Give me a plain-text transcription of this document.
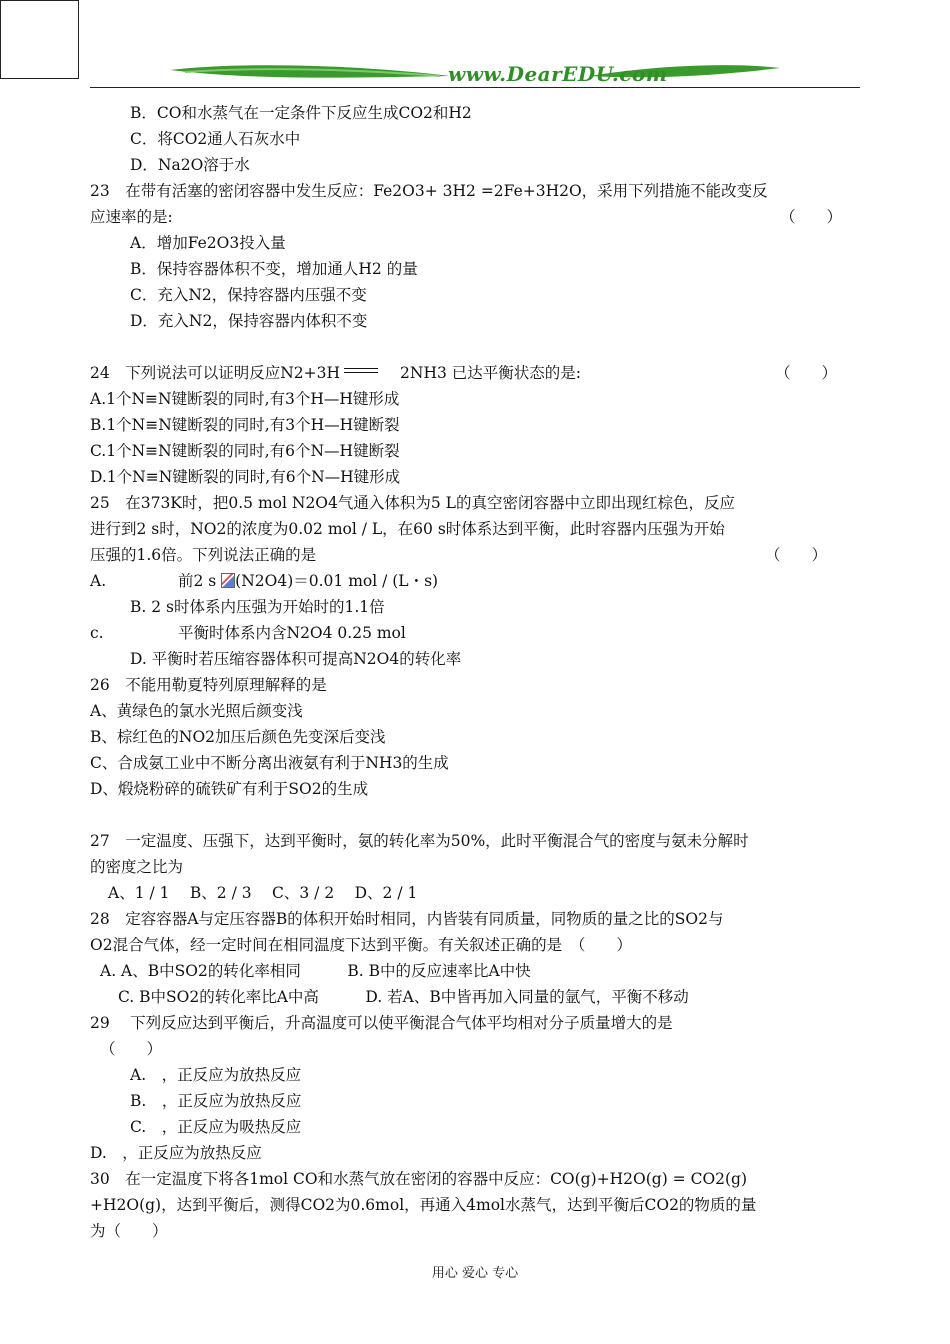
www.DearEDU.com

B．CO和水蒸气在一定条件下反应生成CO2和H2

C．将CO2通人石灰水中

D．Na2O溶于水

23　在带有活塞的密闭容器中发生反应：Fe2O3+ 3H2 =2Fe+3H2O，采用下列措施不能改变反

应速率的是:	（　　）

A．增加Fe2O3投入量

B．保持容器体积不变，增加通人H2 的量

C．充入N2，保持容器内压强不变

D．充入N2，保持容器内体积不变

24　下列说法可以证明反应N2+3H	2NH3 已达平衡状态的是:	（　　）

A.1个N≡N键断裂的同时,有3个H—H键形成

B.1个N≡N键断裂的同时,有3个H—H键断裂

C.1个N≡N键断裂的同时,有6个N—H键断裂

D.1个N≡N键断裂的同时,有6个N—H键形成

25　在373K时，把0.5 mol N2O4气通入体积为5 L的真空密闭容器中立即出现红棕色，反应

进行到2 s时，NO2的浓度为0.02 mol / L，在60 s时体系达到平衡，此时容器内压强为开始

压强的1.6倍。下列说法正确的是	（　　）

A.	前2 s (N2O4)＝0.01 mol / (L・s)

B. 2 s时体系内压强为开始时的1.1倍

c.	平衡时体系内含N2O4 0.25 mol

D. 平衡时若压缩容器体积可提高N2O4的转化率

26　不能用勒夏特列原理解释的是

A、黄绿色的氯水光照后颜变浅

B、棕红色的NO2加压后颜色先变深后变浅

C、合成氨工业中不断分离出液氨有利于NH3的生成

D、煅烧粉碎的硫铁矿有利于SO2的生成

27　一定温度、压强下，达到平衡时，氨的转化率为50%，此时平衡混合气的密度与氨未分解时

的密度之比为

A、1 / 1　 B、2 / 3　 C、3 / 2　 D、2 / 1

28　定容容器A与定压容器B的体积开始时相同，内皆装有同质量，同物质的量之比的SO2与

O2混合气体，经一定时间在相同温度下达到平衡。有关叙述正确的是　（　　）

A. A、B中SO2的转化率相同　　　B. B中的反应速率比A中快

C. B中SO2的转化率比A中高　　　D. 若A、B中皆再加入同量的氩气，平衡不移动

29　 下列反应达到平衡后，升高温度可以使平衡混合气体平均相对分子质量增大的是

（　　）

A.　，正反应为放热反应

B.　，正反应为放热反应

C.　，正反应为吸热反应

D.　，正反应为放热反应

30　在一定温度下将各1mol CO和水蒸气放在密闭的容器中反应：CO(g)+H2O(g) = CO2(g)

+H2O(g)，达到平衡后，测得CO2为0.6mol，再通入4mol水蒸气，达到平衡后CO2的物质的量

为（　　）

用心 爱心 专心
